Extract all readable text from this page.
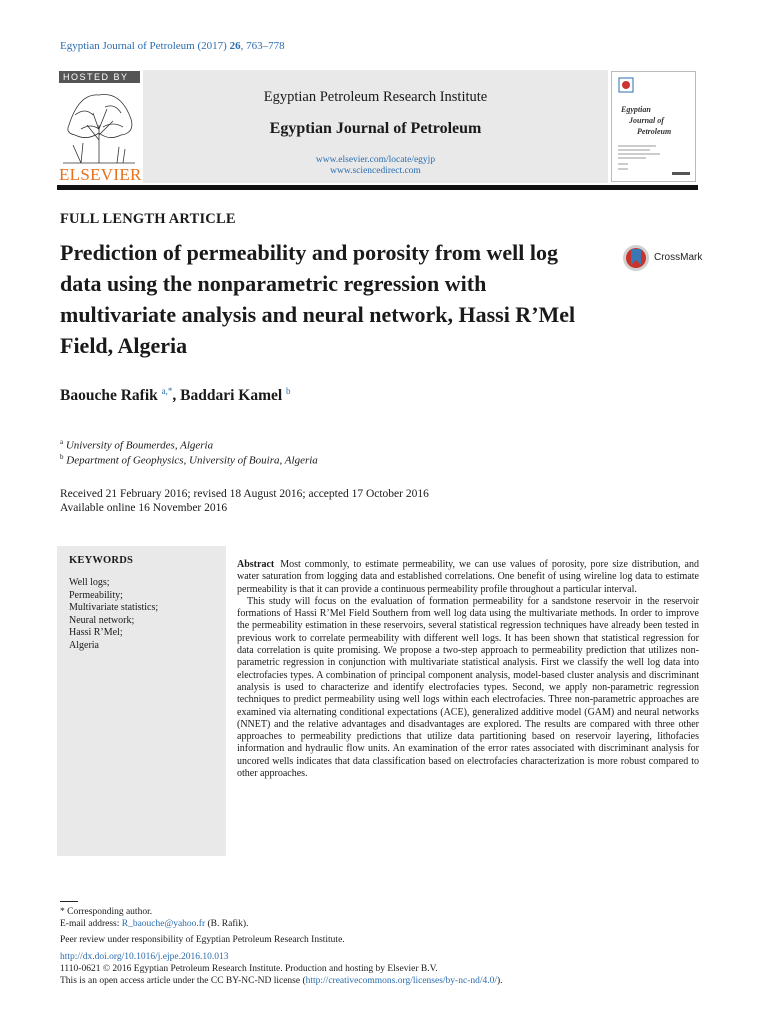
Egyptian Journal of Petroleum (2017) 26, 763–778
HOSTED BY
ELSEVIER
Egyptian Petroleum Research Institute
Egyptian Journal of Petroleum
www.elsevier.com/locate/egyjp
www.sciencedirect.com
Egyptian
Journal of
Petroleum
FULL LENGTH ARTICLE
Prediction of permeability and porosity from well log data using the nonparametric regression with multivariate analysis and neural network, Hassi R’Mel Field, Algeria
CrossMark
Baouche Rafik $^{a,*}$, Baddari Kamel $^b$
$^a$ University of Boumerdes, Algeria
$^b$ Department of Geophysics, University of Bouira, Algeria
Received 21 February 2016; revised 18 August 2016; accepted 17 October 2016
Available online 16 November 2016
KEYWORDS
Well logs;
Permeability;
Multivariate statistics;
Neural network;
Hassi R’Mel;
Algeria

Abstract Most commonly, to estimate permeability, we can use values of porosity, pore size distribution, and water saturation from logging data and established correlations. One benefit of using wireline log data to estimate permeability is that it can provide a continuous permeability profile throughout a particular interval.

This study will focus on the evaluation of formation permeability for a sandstone reservoir in the reservoir formations of Hassi R’Mel Field Southern from well log data using the multivariate methods. In order to improve the permeability estimation in these reservoirs, several statistical regression techniques have already been tested in previous work to correlate permeability with different well logs. It has been shown that statistical regression for data correlation is quite promising. We propose a two-step approach to permeability prediction that utilizes non-parametric regression in conjunction with multivariate statistical analysis. First we classify the well log data into electrofacies types. A combination of principal component analysis, model-based cluster analysis and discriminant analysis is used to characterize and identify electrofacies types. Second, we apply non-parametric regression techniques to predict permeability using well logs within each electrofacies. Three non-parametric approaches are examined via alternating conditional expectations (ACE), generalized additive model (GAM) and neural networks (NNET) and the relative advantages and disadvantages are explored. The results are compared with three other approaches to permeability predictions that utilize data partitioning based on reservoir layering, lithofacies information and hydraulic flow units. An examination of the error rates associated with discriminant analysis for uncored wells indicates that data classification based on electrofacies characterization is more robust compared to other approaches.

* Corresponding author.
E-mail address: R_baouche@yahoo.fr (B. Rafik).
Peer review under responsibility of Egyptian Petroleum Research Institute.
http://dx.doi.org/10.1016/j.ejpe.2016.10.013
1110-0621 © 2016 Egyptian Petroleum Research Institute. Production and hosting by Elsevier B.V.
This is an open access article under the CC BY-NC-ND license (http://creativecommons.org/licenses/by-nc-nd/4.0/).
